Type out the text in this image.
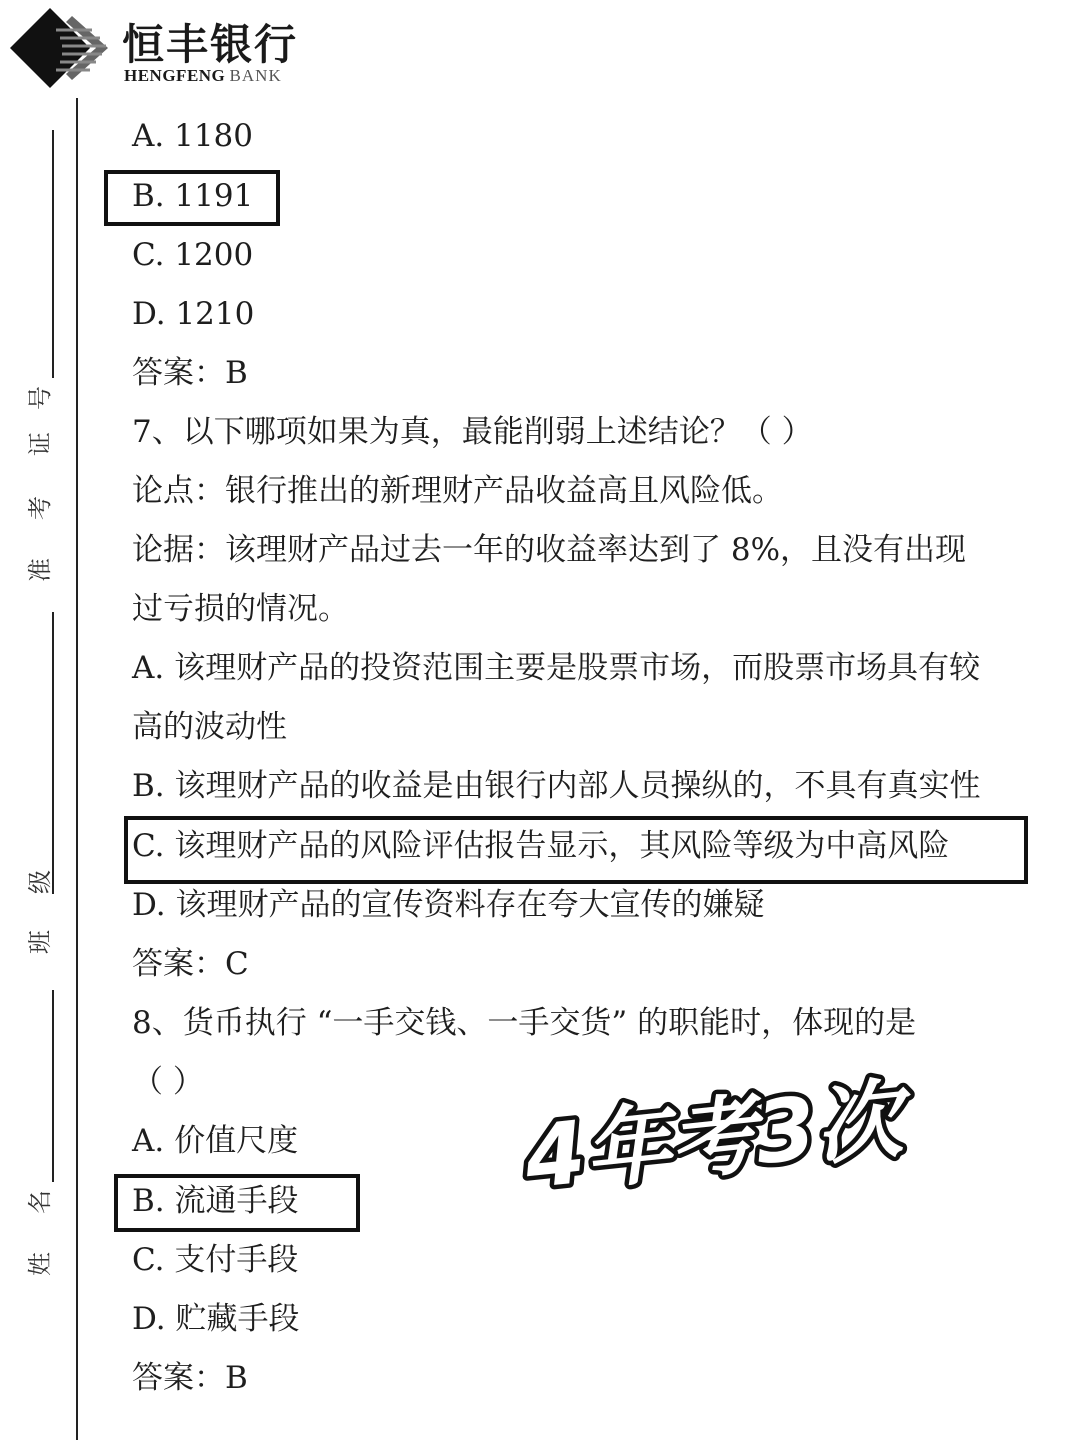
恒丰银行
HENGFENG BANK
号
证
考
准
级
班
名
姓
A. 1180
B. 1191
C. 1200
D. 1210
答案：B
7、以下哪项如果为真，最能削弱上述结论？（ ）
论点：银行推出的新理财产品收益高且风险低。
论据：该理财产品过去一年的收益率达到了 8%，且没有出现
过亏损的情况。
A. 该理财产品的投资范围主要是股票市场，而股票市场具有较
高的波动性
B. 该理财产品的收益是由银行内部人员操纵的，不具有真实性
C. 该理财产品的风险评估报告显示，其风险等级为中高风险
D. 该理财产品的宣传资料存在夸大宣传的嫌疑
答案：C
8、货币执行 “一手交钱、一手交货” 的职能时，体现的是
（ ）
A. 价值尺度
B. 流通手段
C. 支付手段
D. 贮藏手段
答案：B
4年考3次
